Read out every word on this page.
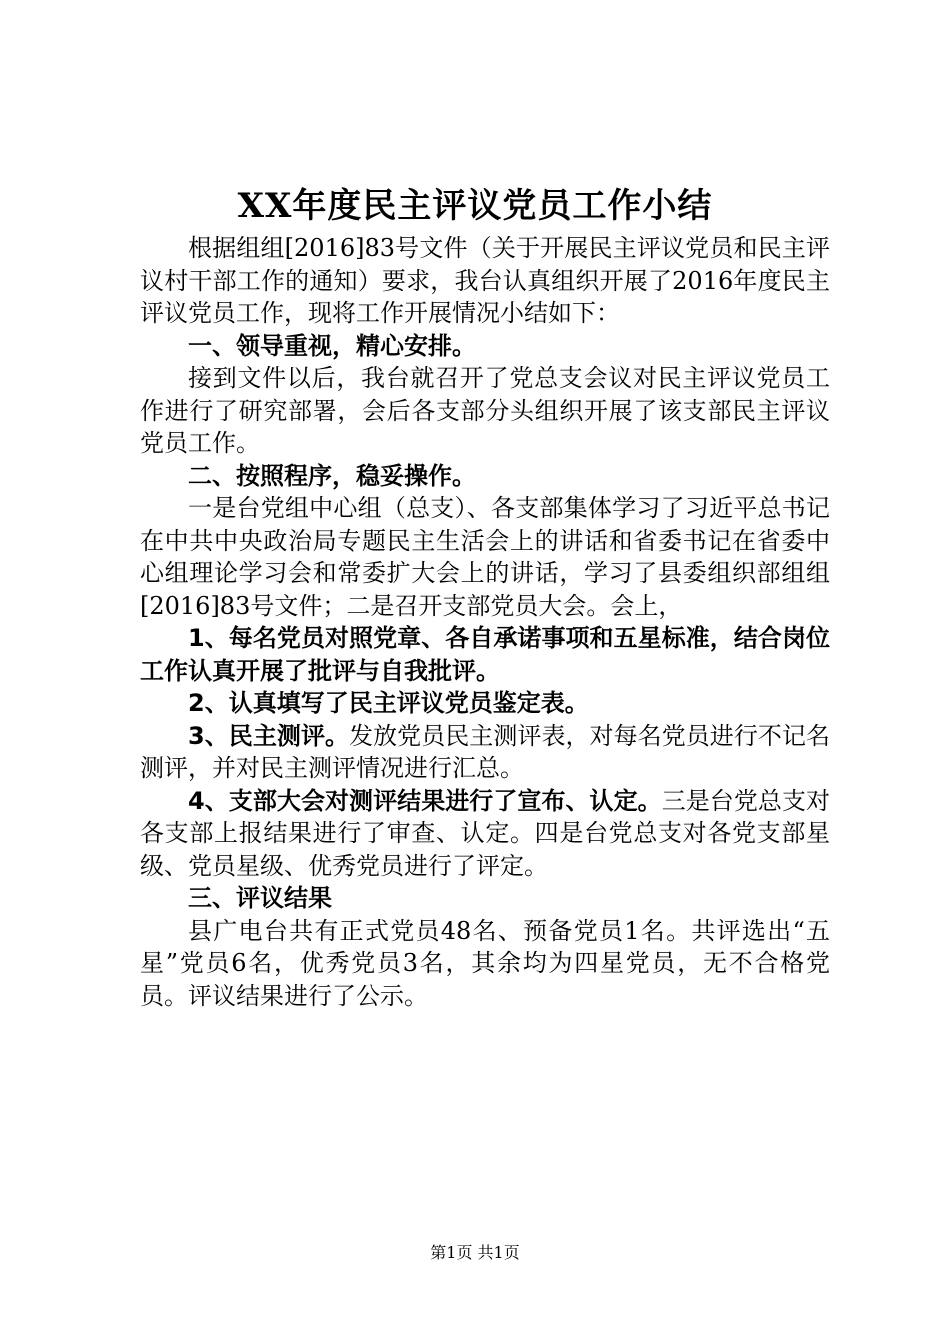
XX年度民主评议党员工作小结

根据组组[2016]83号文件（关于开展民主评议党员和民主评议村干部工作的通知）要求，我台认真组织开展了2016年度民主评议党员工作，现将工作开展情况小结如下：

一、领导重视，精心安排。

接到文件以后，我台就召开了党总支会议对民主评议党员工作进行了研究部署，会后各支部分头组织开展了该支部民主评议党员工作。

二、按照程序，稳妥操作。

一是台党组中心组（总支）、各支部集体学习了习近平总书记在中共中央政治局专题民主生活会上的讲话和省委书记在省委中心组理论学习会和常委扩大会上的讲话，学习了县委组织部组组[2016]83号文件；二是召开支部党员大会。会上，

1、每名党员对照党章、各自承诺事项和五星标准，结合岗位工作认真开展了批评与自我批评。

2、认真填写了民主评议党员鉴定表。

3、民主测评。发放党员民主测评表，对每名党员进行不记名测评，并对民主测评情况进行汇总。

4、支部大会对测评结果进行了宣布、认定。三是台党总支对各支部上报结果进行了审查、认定。四是台党总支对各党支部星级、党员星级、优秀党员进行了评定。

三、评议结果

县广电台共有正式党员48名、预备党员1名。共评选出“五星”党员6名，优秀党员3名，其余均为四星党员，无不合格党员。评议结果进行了公示。

第1页 共1页
